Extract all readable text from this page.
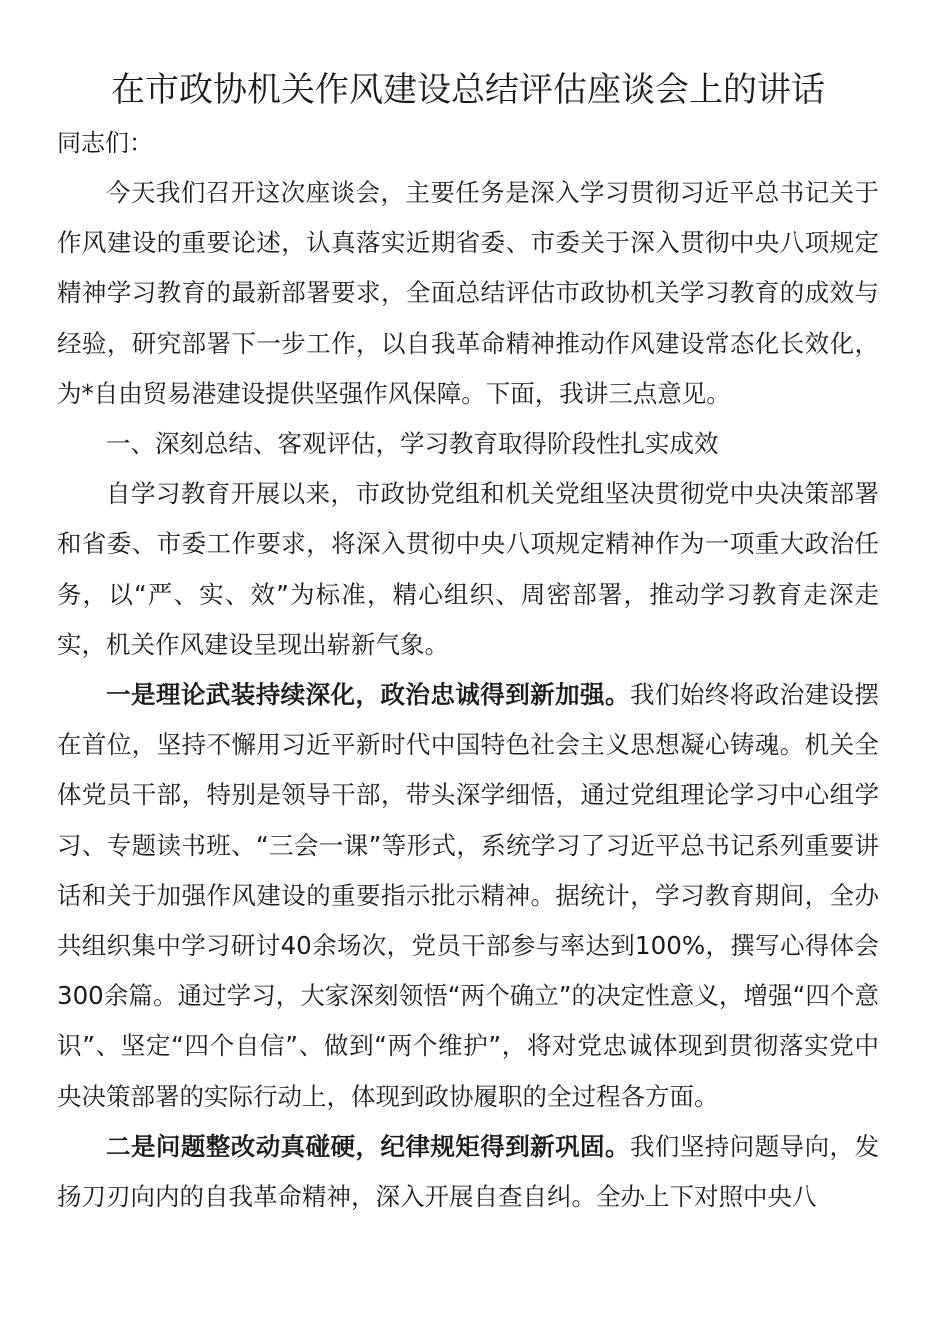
在市政协机关作风建设总结评估座谈会上的讲话

同志们：

今天我们召开这次座谈会，主要任务是深入学习贯彻习近平总书记关于作风建设的重要论述，认真落实近期省委、市委关于深入贯彻中央八项规定精神学习教育的最新部署要求，全面总结评估市政协机关学习教育的成效与经验，研究部署下一步工作，以自我革命精神推动作风建设常态化长效化，为*自由贸易港建设提供坚强作风保障。下面，我讲三点意见。

一、深刻总结、客观评估，学习教育取得阶段性扎实成效

自学习教育开展以来，市政协党组和机关党组坚决贯彻党中央决策部署和省委、市委工作要求，将深入贯彻中央八项规定精神作为一项重大政治任务，以“严、实、效”为标准，精心组织、周密部署，推动学习教育走深走实，机关作风建设呈现出崭新气象。

一是理论武装持续深化，政治忠诚得到新加强。我们始终将政治建设摆在首位，坚持不懈用习近平新时代中国特色社会主义思想凝心铸魂。机关全体党员干部，特别是领导干部，带头深学细悟，通过党组理论学习中心组学习、专题读书班、“三会一课”等形式，系统学习了习近平总书记系列重要讲话和关于加强作风建设的重要指示批示精神。据统计，学习教育期间，全办共组织集中学习研讨40余场次，党员干部参与率达到100%，撰写心得体会300余篇。通过学习，大家深刻领悟“两个确立”的决定性意义，增强“四个意识”、坚定“四个自信”、做到“两个维护”，将对党忠诚体现到贯彻落实党中央决策部署的实际行动上，体现到政协履职的全过程各方面。

二是问题整改动真碰硬，纪律规矩得到新巩固。我们坚持问题导向，发扬刀刃向内的自我革命精神，深入开展自查自纠。全办上下对照中央八
